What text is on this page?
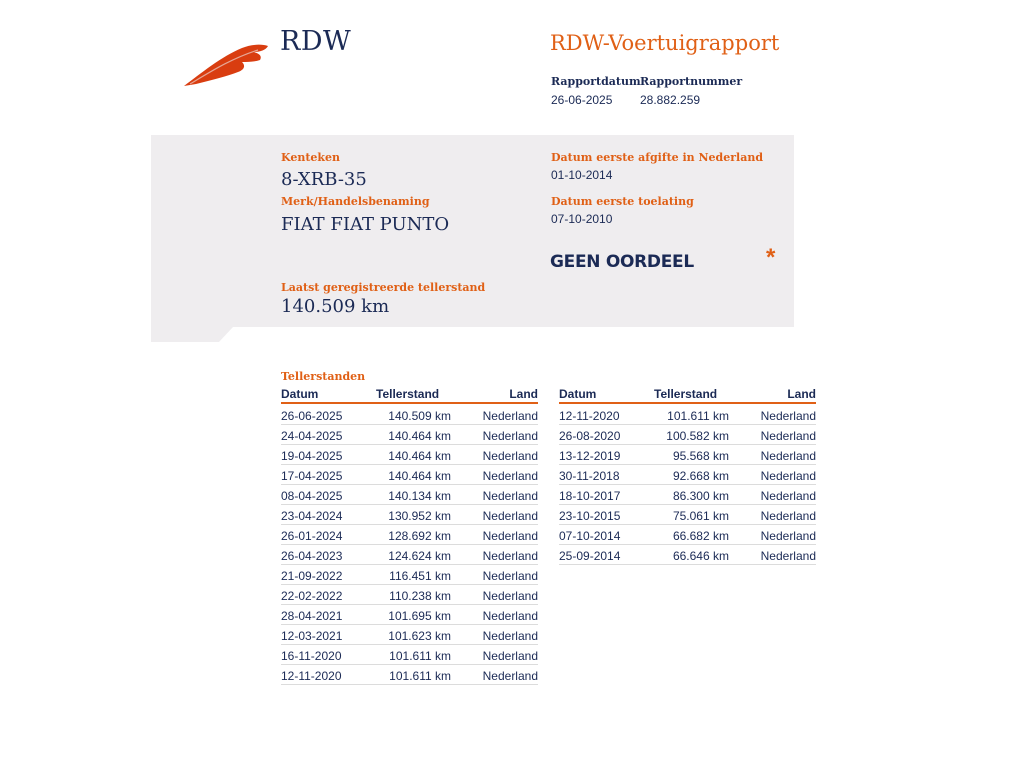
RDW	RDW-Voertuigrapport
Rapportdatum
26-06-2025
Rapportnummer
28.882.259
Kenteken
8-XRB-35
Merk/Handelsbenaming
FIAT FIAT PUNTO
Datum eerste afgifte in Nederland
01-10-2014
Datum eerste toelating
07-10-2010
GEEN OORDEEL	*
Laatst geregistreerde tellerstand
140.509 km
Tellerstanden
Datum	Tellerstand	Land
26-06-2025	140.509 km	Nederland
24-04-2025	140.464 km	Nederland
19-04-2025	140.464 km	Nederland
17-04-2025	140.464 km	Nederland
08-04-2025	140.134 km	Nederland
23-04-2024	130.952 km	Nederland
26-01-2024	128.692 km	Nederland
26-04-2023	124.624 km	Nederland
21-09-2022	116.451 km	Nederland
22-02-2022	110.238 km	Nederland
28-04-2021	101.695 km	Nederland
12-03-2021	101.623 km	Nederland
16-11-2020	101.611 km	Nederland
12-11-2020	101.611 km	Nederland
Datum	Tellerstand	Land
12-11-2020	101.611 km	Nederland
26-08-2020	100.582 km	Nederland
13-12-2019	95.568 km	Nederland
30-11-2018	92.668 km	Nederland
18-10-2017	86.300 km	Nederland
23-10-2015	75.061 km	Nederland
07-10-2014	66.682 km	Nederland
25-09-2014	66.646 km	Nederland
